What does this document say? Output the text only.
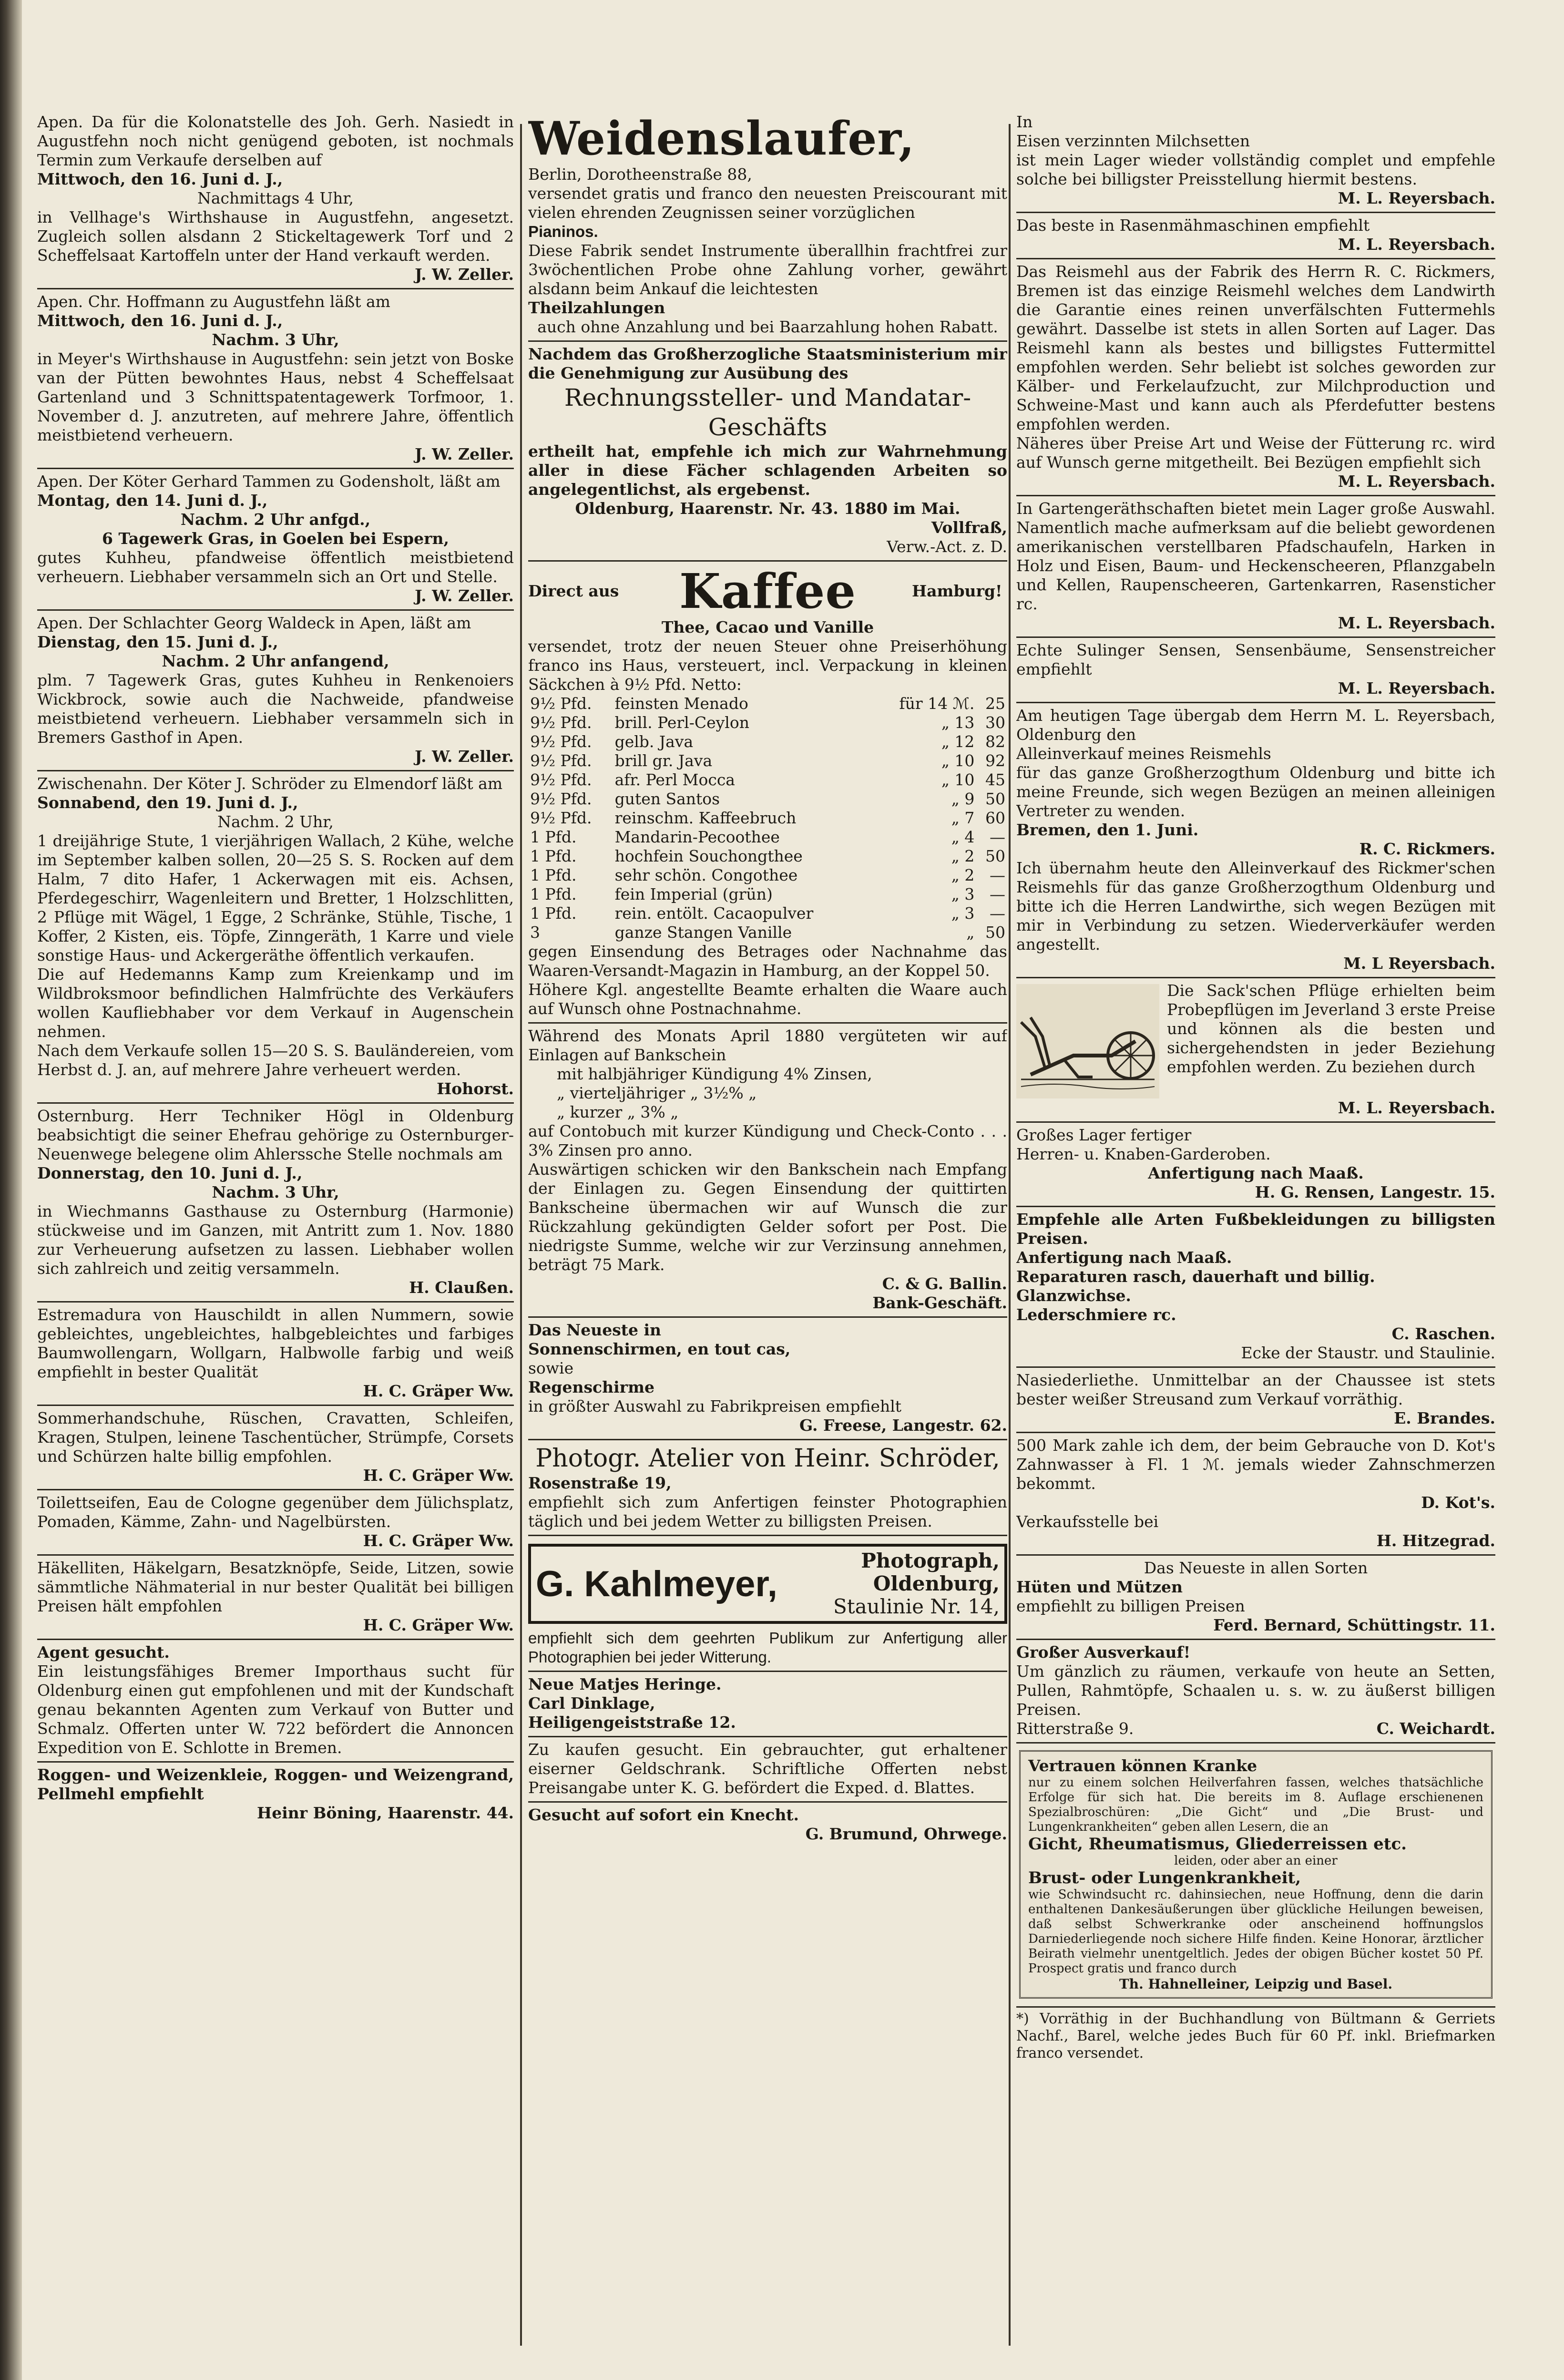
Apen. Da für die Kolonatstelle des Joh. Gerh. Nasiedt in Augustfehn noch nicht genügend geboten, ist nochmals Termin zum Verkaufe derselben auf

Mittwoch, den 16. Juni d. J.,

Nachmittags 4 Uhr,

in Vellhage's Wirthshause in Augustfehn, angesetzt. Zugleich sollen alsdann 2 Stickeltagewerk Torf und 2 Scheffelsaat Kartoffeln unter der Hand verkauft werden.

J. W. Zeller.

Apen. Chr. Hoffmann zu Augustfehn läßt am

Mittwoch, den 16. Juni d. J.,

Nachm. 3 Uhr,

in Meyer's Wirthshause in Augustfehn: sein jetzt von Boske van der Pütten bewohntes Haus, nebst 4 Scheffelsaat Gartenland und 3 Schnittspatentagewerk Torfmoor, 1. November d. J. anzutreten, auf mehrere Jahre, öffentlich meistbietend verheuern.

J. W. Zeller.

Apen. Der Köter Gerhard Tammen zu Godensholt, läßt am

Montag, den 14. Juni d. J.,

Nachm. 2 Uhr anfgd.,

6 Tagewerk Gras, in Goelen bei Espern,

gutes Kuhheu, pfandweise öffentlich meistbietend verheuern. Liebhaber versammeln sich an Ort und Stelle.

J. W. Zeller.

Apen. Der Schlachter Georg Waldeck in Apen, läßt am

Dienstag, den 15. Juni d. J.,

Nachm. 2 Uhr anfangend,

plm. 7 Tagewerk Gras, gutes Kuhheu in Renkenoiers Wickbrock, sowie auch die Nachweide, pfandweise meistbietend verheuern. Liebhaber versammeln sich in Bremers Gasthof in Apen.

J. W. Zeller.

Zwischenahn. Der Köter J. Schröder zu Elmendorf läßt am

Sonnabend, den 19. Juni d. J.,

Nachm. 2 Uhr,

1 dreijährige Stute, 1 vierjährigen Wallach, 2 Kühe, welche im September kalben sollen, 20—25 S. S. Rocken auf dem Halm, 7 dito Hafer, 1 Ackerwagen mit eis. Achsen, Pferdegeschirr, Wagenleitern und Bretter, 1 Holzschlitten, 2 Pflüge mit Wägel, 1 Egge, 2 Schränke, Stühle, Tische, 1 Koffer, 2 Kisten, eis. Töpfe, Zinngeräth, 1 Karre und viele sonstige Haus- und Ackergeräthe öffentlich verkaufen.

Die auf Hedemanns Kamp zum Kreienkamp und im Wildbroksmoor befindlichen Halmfrüchte des Verkäufers wollen Kaufliebhaber vor dem Verkauf in Augenschein nehmen.

Nach dem Verkaufe sollen 15—20 S. S. Bauländereien, vom Herbst d. J. an, auf mehrere Jahre verheuert werden.

Hohorst.

Osternburg. Herr Techniker Högl in Oldenburg beabsichtigt die seiner Ehefrau gehörige zu Osternburger-Neuenwege belegene olim Ahlerssche Stelle nochmals am

Donnerstag, den 10. Juni d. J.,

Nachm. 3 Uhr,

in Wiechmanns Gasthause zu Osternburg (Harmonie) stückweise und im Ganzen, mit Antritt zum 1. Nov. 1880 zur Verheuerung aufsetzen zu lassen. Liebhaber wollen sich zahlreich und zeitig versammeln.

H. Claußen.

Estremadura von Hauschildt in allen Nummern, sowie gebleichtes, ungebleichtes, halbgebleichtes und farbiges Baumwollengarn, Wollgarn, Halbwolle farbig und weiß empfiehlt in bester Qualität

H. C. Gräper Ww.

Sommerhandschuhe, Rüschen, Cravatten, Schleifen, Kragen, Stulpen, leinene Taschentücher, Strümpfe, Corsets und Schürzen halte billig empfohlen.

H. C. Gräper Ww.

Toilettseifen, Eau de Cologne gegenüber dem Jülichsplatz, Pomaden, Kämme, Zahn- und Nagelbürsten.

H. C. Gräper Ww.

Häkelliten, Häkelgarn, Besatzknöpfe, Seide, Litzen, sowie sämmtliche Nähmaterial in nur bester Qualität bei billigen Preisen hält empfohlen

H. C. Gräper Ww.

Agent gesucht.

Ein leistungsfähiges Bremer Importhaus sucht für Oldenburg einen gut empfohlenen und mit der Kundschaft genau bekannten Agenten zum Verkauf von Butter und Schmalz. Offerten unter W. 722 befördert die Annoncen Expedition von E. Schlotte in Bremen.

Roggen- und Weizenkleie, Roggen- und Weizengrand, Pellmehl empfiehlt

Heinr Böning, Haarenstr. 44.

Weidenslaufer,

Berlin, Dorotheenstraße 88,

versendet gratis und franco den neuesten Preiscourant mit vielen ehrenden Zeugnissen seiner vorzüglichen

Pianinos.

Diese Fabrik sendet Instrumente überallhin frachtfrei zur 3wöchentlichen Probe ohne Zahlung vorher, gewährt alsdann beim Ankauf die leichtesten

Theilzahlungen

auch ohne Anzahlung und bei Baarzahlung hohen Rabatt.

Nachdem das Großherzogliche Staatsministerium mir die Genehmigung zur Ausübung des

Rechnungssteller- und Mandatar-Geschäfts

ertheilt hat, empfehle ich mich zur Wahrnehmung aller in diese Fächer schlagenden Arbeiten so angelegentlichst, als ergebenst.

Oldenburg, Haarenstr. Nr. 43. 1880 im Mai.

Vollfraß,

Verw.-Act. z. D.

Direct aus Kaffee	Hamburg!

Thee, Cacao und Vanille

versendet, trotz der neuen Steuer ohne Preiserhöhung franco ins Haus, versteuert, incl. Verpackung in kleinen Säckchen à 9½ Pfd. Netto:

9½ Pfd.	feinsten Menado	für 14 ℳ.	25
9½ Pfd.	brill. Perl-Ceylon	„ 13	30
9½ Pfd.	gelb. Java	„ 12	82
9½ Pfd.	brill gr. Java	„ 10	92
9½ Pfd.	afr. Perl Mocca	„ 10	45
9½ Pfd.	guten Santos	„ 9	50
9½ Pfd.	reinschm. Kaffeebruch	„ 7	60
1 Pfd.	Mandarin-Pecoothee	„ 4	—
1 Pfd.	hochfein Souchongthee	„ 2	50
1 Pfd.	sehr schön. Congothee	„ 2	—
1 Pfd.	fein Imperial (grün)	„ 3	—
1 Pfd.	rein. entölt. Cacaopulver	„ 3	—
3	ganze Stangen Vanille	„	50

gegen Einsendung des Betrages oder Nachnahme das Waaren-Versandt-Magazin in Hamburg, an der Koppel 50.

Höhere Kgl. angestellte Beamte erhalten die Waare auch auf Wunsch ohne Postnachnahme.

Während des Monats April 1880 vergüteten wir auf Einlagen auf Bankschein

mit halbjähriger Kündigung 4% Zinsen,

„ vierteljähriger „ 3½% „

„ kurzer „ 3% „

auf Contobuch mit kurzer Kündigung und Check-Conto . . . 3% Zinsen pro anno.

Auswärtigen schicken wir den Bankschein nach Empfang der Einlagen zu. Gegen Einsendung der quittirten Bankscheine übermachen wir auf Wunsch die zur Rückzahlung gekündigten Gelder sofort per Post. Die niedrigste Summe, welche wir zur Verzinsung annehmen, beträgt 75 Mark.

C. & G. Ballin.

Bank-Geschäft.

Das Neueste in

Sonnenschirmen, en tout cas,

sowie

Regenschirme

in größter Auswahl zu Fabrikpreisen empfiehlt

G. Freese, Langestr. 62.

Photogr. Atelier von Heinr. Schröder,

Rosenstraße 19,

empfiehlt sich zum Anfertigen feinster Photographien täglich und bei jedem Wetter zu billigsten Preisen.

G. Kahlmeyer,
Photograph,
Oldenburg,
Staulinie Nr. 14,

empfiehlt sich dem geehrten Publikum zur Anfertigung aller Photographien bei jeder Witterung.

Neue Matjes Heringe.

Carl Dinklage,

Heiligengeiststraße 12.

Zu kaufen gesucht. Ein gebrauchter, gut erhaltener eiserner Geldschrank. Schriftliche Offerten nebst Preisangabe unter K. G. befördert die Exped. d. Blattes.

Gesucht auf sofort ein Knecht.

G. Brumund, Ohrwege.

In

Eisen verzinnten Milchsetten

ist mein Lager wieder vollständig complet und empfehle solche bei billigster Preisstellung hiermit bestens.

M. L. Reyersbach.

Das beste in Rasenmähmaschinen empfiehlt

M. L. Reyersbach.

Das Reismehl aus der Fabrik des Herrn R. C. Rickmers, Bremen ist das einzige Reismehl welches dem Landwirth die Garantie eines reinen unverfälschten Futtermehls gewährt. Dasselbe ist stets in allen Sorten auf Lager. Das Reismehl kann als bestes und billigstes Futtermittel empfohlen werden. Sehr beliebt ist solches geworden zur Kälber- und Ferkelaufzucht, zur Milchproduction und Schweine-Mast und kann auch als Pferdefutter bestens empfohlen werden.

Näheres über Preise Art und Weise der Fütterung rc. wird auf Wunsch gerne mitgetheilt. Bei Bezügen empfiehlt sich

M. L. Reyersbach.

In Gartengeräthschaften bietet mein Lager große Auswahl. Namentlich mache aufmerksam auf die beliebt gewordenen amerikanischen verstellbaren Pfadschaufeln, Harken in Holz und Eisen, Baum- und Heckenscheeren, Pflanzgabeln und Kellen, Raupenscheeren, Gartenkarren, Rasensticher rc.

M. L. Reyersbach.

Echte Sulinger Sensen, Sensenbäume, Sensenstreicher empfiehlt

M. L. Reyersbach.

Am heutigen Tage übergab dem Herrn M. L. Reyersbach, Oldenburg den

Alleinverkauf meines Reismehls

für das ganze Großherzogthum Oldenburg und bitte ich meine Freunde, sich wegen Bezügen an meinen alleinigen Vertreter zu wenden.

Bremen, den 1. Juni.

R. C. Rickmers.

Ich übernahm heute den Alleinverkauf des Rickmer'schen Reismehls für das ganze Großherzogthum Oldenburg und bitte ich die Herren Landwirthe, sich wegen Bezügen mit mir in Verbindung zu setzen. Wiederverkäufer werden angestellt.

M. L Reyersbach.

Die Sack'schen Pflüge erhielten beim Probepflügen im Jeverland 3 erste Preise und können als die besten und sichergehendsten in jeder Beziehung empfohlen werden. Zu beziehen durch

M. L. Reyersbach.

Großes Lager fertiger

Herren- u. Knaben-Garderoben.

Anfertigung nach Maaß.

H. G. Rensen, Langestr. 15.

Empfehle alle Arten Fußbekleidungen zu billigsten Preisen.

Anfertigung nach Maaß.

Reparaturen rasch, dauerhaft und billig.

Glanzwichse.

Lederschmiere rc.

C. Raschen.

Ecke der Staustr. und Staulinie.

Nasiederliethe. Unmittelbar an der Chaussee ist stets bester weißer Streusand zum Verkauf vorräthig.

E. Brandes.

500 Mark zahle ich dem, der beim Gebrauche von D. Kot's Zahnwasser à Fl. 1 ℳ. jemals wieder Zahnschmerzen bekommt.

D. Kot's.

Verkaufsstelle bei

H. Hitzegrad.

Das Neueste in allen Sorten

Hüten und Mützen

empfiehlt zu billigen Preisen

Ferd. Bernard, Schüttingstr. 11.

Großer Ausverkauf!

Um gänzlich zu räumen, verkaufe von heute an Setten, Pullen, Rahmtöpfe, Schaalen u. s. w. zu äußerst billigen Preisen.

Ritterstraße 9.	C. Weichardt.

Vertrauen können Kranke

nur zu einem solchen Heilverfahren fassen, welches thatsächliche Erfolge für sich hat. Die bereits im 8. Auflage erschienenen Spezialbroschüren: „Die Gicht“ und „Die Brust- und Lungenkrankheiten“ geben allen Lesern, die an

Gicht, Rheumatismus, Gliederreissen etc.

leiden, oder aber an einer

Brust- oder Lungenkrankheit,

wie Schwindsucht rc. dahinsiechen, neue Hoffnung, denn die darin enthaltenen Dankesäußerungen über glückliche Heilungen beweisen, daß selbst Schwerkranke oder anscheinend hoffnungslos Darniederliegende noch sichere Hilfe finden. Keine Honorar, ärztlicher Beirath vielmehr unentgeltlich. Jedes der obigen Bücher kostet 50 Pf. Prospect gratis und franco durch

Th. Hahnelleiner, Leipzig und Basel.

*) Vorräthig in der Buchhandlung von Bültmann & Gerriets Nachf., Barel, welche jedes Buch für 60 Pf. inkl. Briefmarken franco versendet.
